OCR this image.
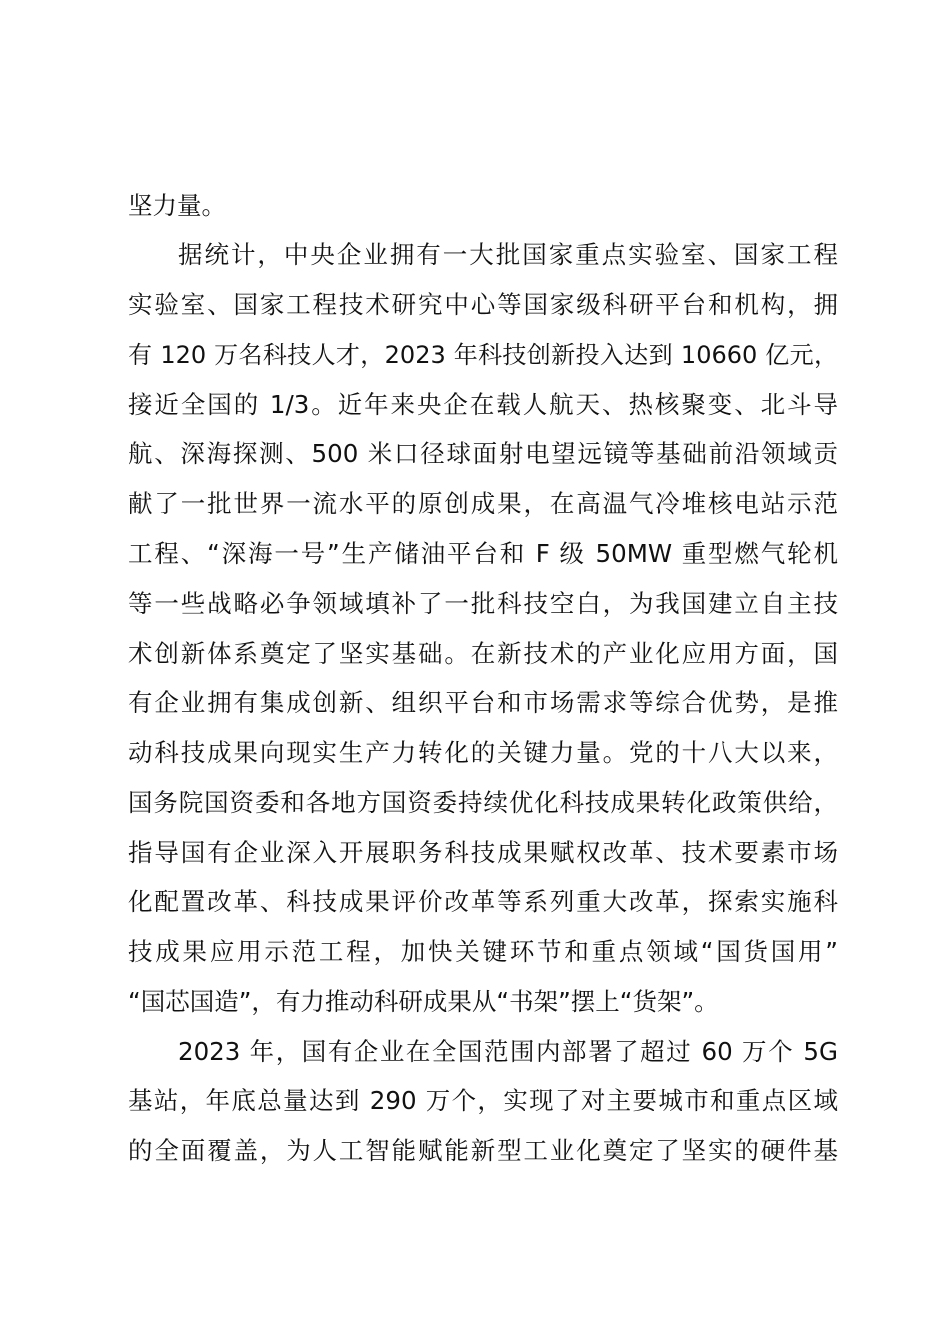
坚力量。
据统计，中央企业拥有一大批国家重点实验室、国家工程
实验室、国家工程技术研究中心等国家级科研平台和机构，拥
有 120 万名科技人才，2023 年科技创新投入达到 10660 亿元，
接近全国的 1/3。近年来央企在载人航天、热核聚变、北斗导
航、深海探测、500 米口径球面射电望远镜等基础前沿领域贡
献了一批世界一流水平的原创成果，在高温气冷堆核电站示范
工程、“深海一号”生产储油平台和 F 级 50MW 重型燃气轮机
等一些战略必争领域填补了一批科技空白，为我国建立自主技
术创新体系奠定了坚实基础。在新技术的产业化应用方面，国
有企业拥有集成创新、组织平台和市场需求等综合优势，是推
动科技成果向现实生产力转化的关键力量。党的十八大以来，
国务院国资委和各地方国资委持续优化科技成果转化政策供给，
指导国有企业深入开展职务科技成果赋权改革、技术要素市场
化配置改革、科技成果评价改革等系列重大改革，探索实施科
技成果应用示范工程，加快关键环节和重点领域“国货国用”
“国芯国造”，有力推动科研成果从“书架”摆上“货架”。
2023 年，国有企业在全国范围内部署了超过 60 万个 5G
基站，年底总量达到 290 万个，实现了对主要城市和重点区域
的全面覆盖，为人工智能赋能新型工业化奠定了坚实的硬件基
